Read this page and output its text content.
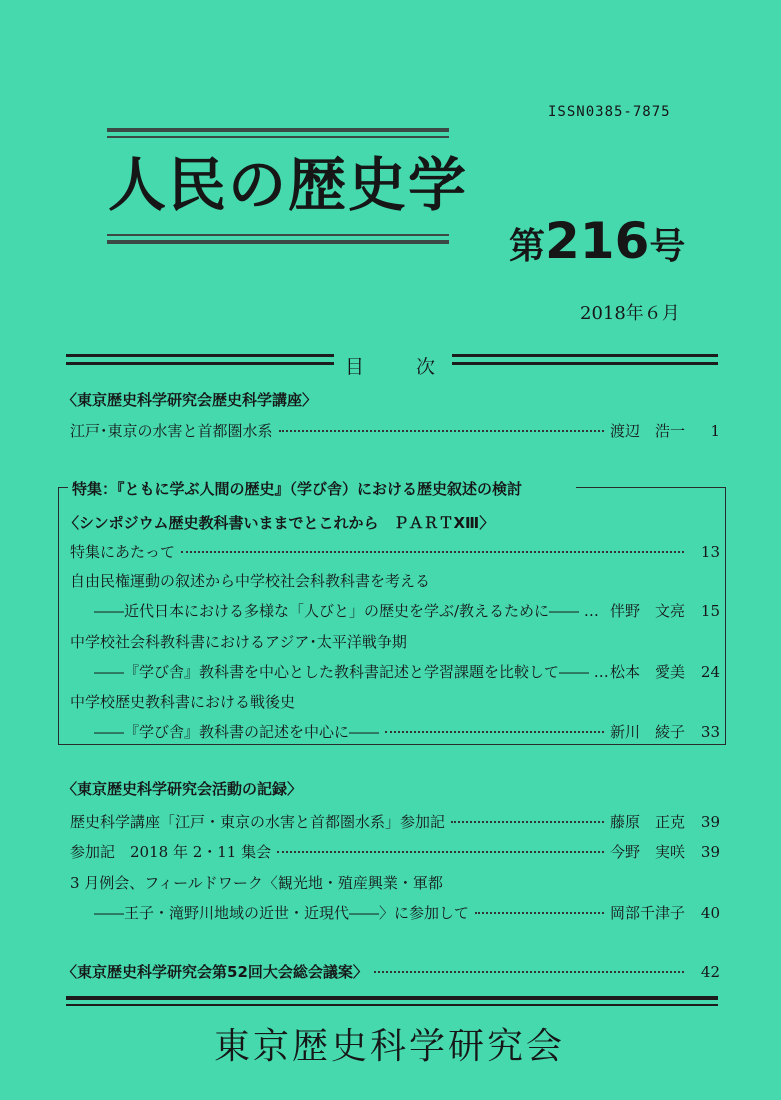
ISSN0385-7875
人民の歴史学
第216号
2018年６月
目	次
〈東京歴史科学研究会歴史科学講座〉
江戸･東京の水害と首都圏水系	渡辺　浩一	1
特集：『ともに学ぶ人間の歴史』（学び舎）における歴史叙述の検討
〈シンポジウム歴史教科書いままでとこれから　ＰＡＲＴⅩⅢ〉
特集にあたって	13
自由民権運動の叙述から中学校社会科教科書を考える
――近代日本における多様な「人びと」の歴史を学ぶ/教えるために―― … 伴野　文亮	15
中学校社会科教科書におけるアジア･太平洋戦争期
――『学び舎』教科書を中心とした教科書記述と学習課題を比較して―― … 松本　愛美	24
中学校歴史教科書における戦後史
――『学び舎』教科書の記述を中心に――	新川　綾子	33
〈東京歴史科学研究会活動の記録〉
歴史科学講座「江戸・東京の水害と首都圏水系」参加記	藤原　正克	39
参加記　2018 年 2・11 集会	今野　実咲	39
3 月例会、フィールドワーク〈観光地・殖産興業・軍都
――王子・滝野川地域の近世・近現代――〉に参加して	岡部千津子	40
〈東京歴史科学研究会第52回大会総会議案〉	42
東京歴史科学研究会
